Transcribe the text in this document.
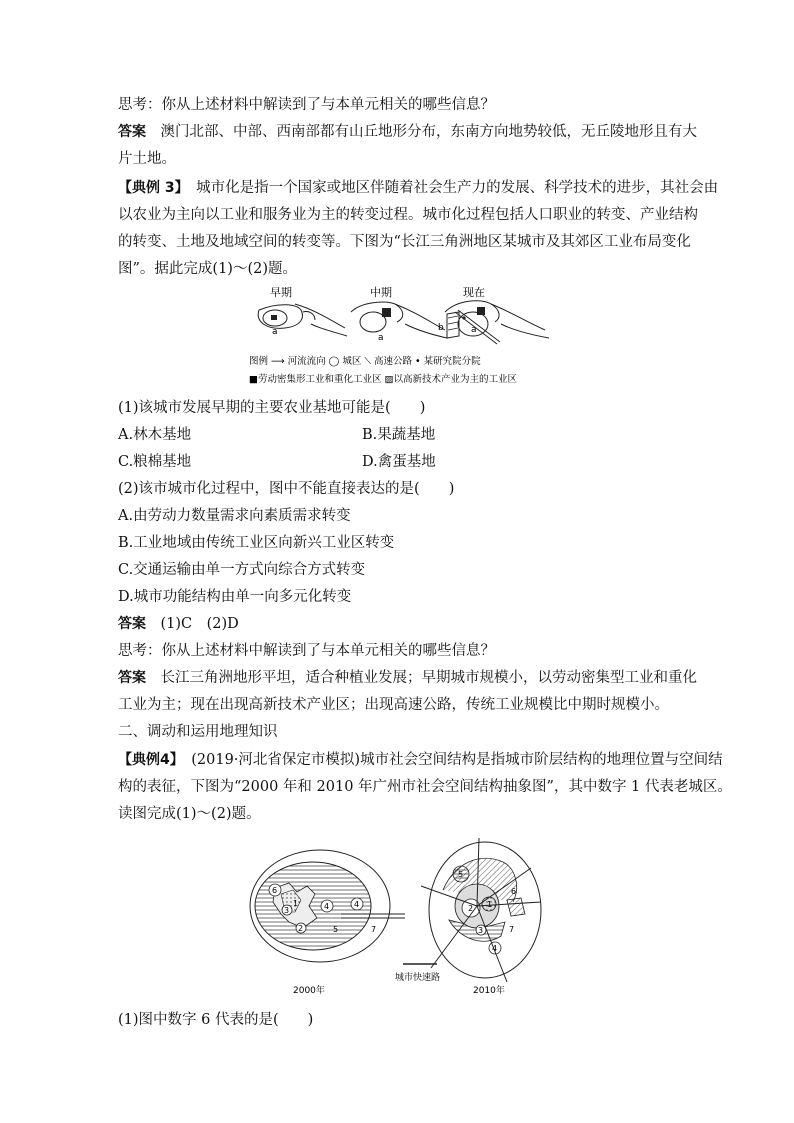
思考：你从上述材料中解读到了与本单元相关的哪些信息？
答案　 澳门北部、中部、西南部都有山丘地形分布，东南方向地势较低，无丘陵地形且有大
片土地。
【典例 3】　 城市化是指一个国家或地区伴随着社会生产力的发展、科学技术的进步，其社会由
以农业为主向以工业和服务业为主的转变过程。城市化过程包括人口职业的转变、产业结构
的转变、土地及地域空间的转变等。下图为“长江三角洲地区某城市及其郊区工业布局变化
图”。据此完成(1)～(2)题。
早期
a
中期
a
现在
b	a
图例 ⟶ 河流流向 ◯ 城区 ⟍ 高速公路 • 某研究院分院
■劳动密集形工业和重化工业区 ▨以高新技术产业为主的工业区
(1)该城市发展早期的主要农业基地可能是(　　)
A.林木基地	B.果蔬基地
C.粮棉基地	D.禽蛋基地
(2)该市城市化过程中，图中不能直接表达的是(　　)
A.由劳动力数量需求向素质需求转变
B.工业地域由传统工业区向新兴工业区转变
C.交通运输由单一方式向综合方式转变
D.城市功能结构由单一向多元化转变
答案　 (1)C　(2)D
思考：你从上述材料中解读到了与本单元相关的哪些信息？
答案　 长江三角洲地形平坦，适合种植业发展；早期城市规模小，以劳动密集型工业和重化
工业为主；现在出现高新技术产业区；出现高速公路，传统工业规模比中期时规模小。
二、调动和运用地理知识
【典例4】　 (2019·河北省保定市模拟)城市社会空间结构是指城市阶层结构的地理位置与空间结
构的表征，下图为“2000 年和 2010 年广州市社会空间结构抽象图”，其中数字 1 代表老城区。
读图完成(1)～(2)题。
6
3	4	4
2
1
5	7
2000年
城市快速路
5
1
2
3
4
6
7
2010年
(1)图中数字 6 代表的是(　　)
